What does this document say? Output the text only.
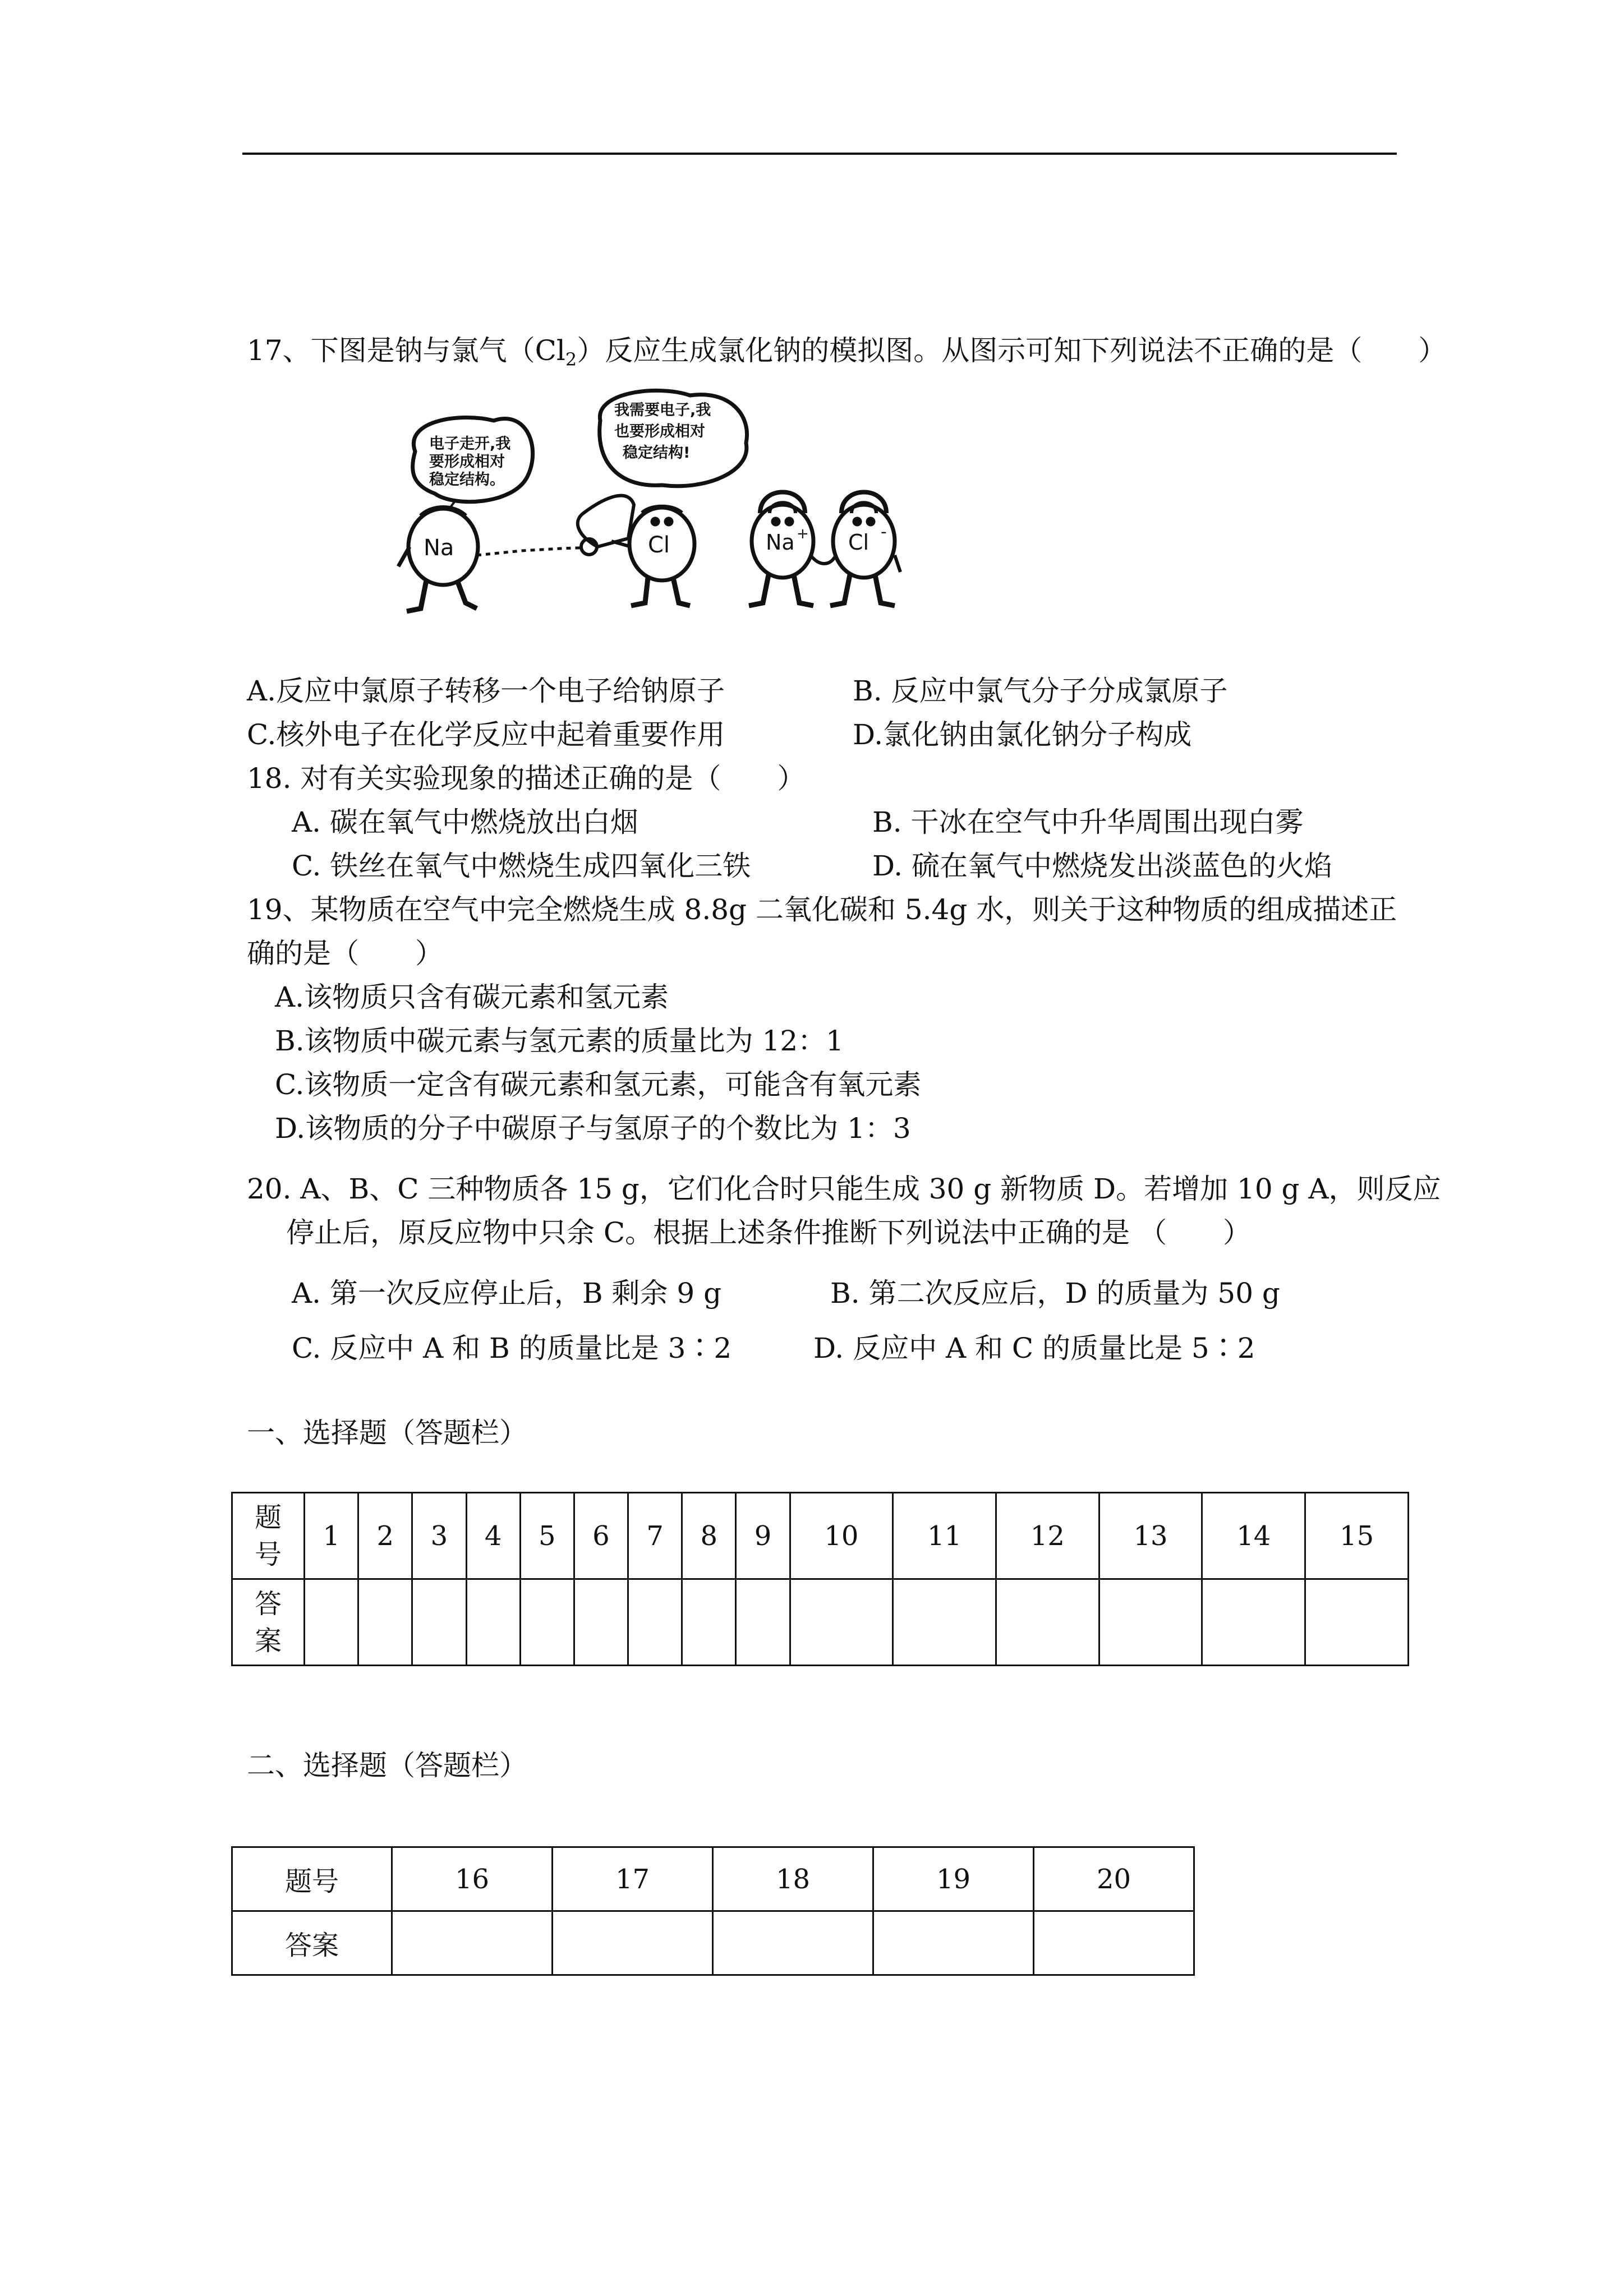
17、下图是钠与氯气$(Cl_2)$反应生成氯化钠的模拟图。从图示可知下列说法不正确的是（　　）
电子走开,我
要形成相对
稳定结构。
我需要电子,我
也要形成相对
稳定结构!
Na	Cl	Na + Cl -
A.反应中氯原子转移一个电子给钠原子	B. 反应中氯气分子分成氯原子
C.核外电子在化学反应中起着重要作用	D.氯化钠由氯化钠分子构成
18. 对有关实验现象的描述正确的是（　　）
A. 碳在氧气中燃烧放出白烟	B. 干冰在空气中升华周围出现白雾
C. 铁丝在氧气中燃烧生成四氧化三铁	D. 硫在氧气中燃烧发出淡蓝色的火焰
19、某物质在空气中完全燃烧生成 8.8g 二氧化碳和 5.4g 水，则关于这种物质的组成描述正
确的是（　　）
A.该物质只含有碳元素和氢元素
B.该物质中碳元素与氢元素的质量比为 12：1
C.该物质一定含有碳元素和氢元素，可能含有氧元素
D.该物质的分子中碳原子与氢原子的个数比为 1：3
20. A、B、C 三种物质各 15 g，它们化合时只能生成 30 g 新物质 D。若增加 10 g A，则反应
停止后，原反应物中只余 C。根据上述条件推断下列说法中正确的是 （　　）
A. 第一次反应停止后，B 剩余 9 g	B. 第二次反应后，D 的质量为 50 g
C. 反应中 A 和 B 的质量比是 3∶2	D. 反应中 A 和 C 的质量比是 5∶2
一、选择题（答题栏）
题
号	1	2	3	4	5	6	7	8	9	10	11	12	13	14	15
答
案															
二、选择题（答题栏）
题号	16	17	18	19	20
答案					
